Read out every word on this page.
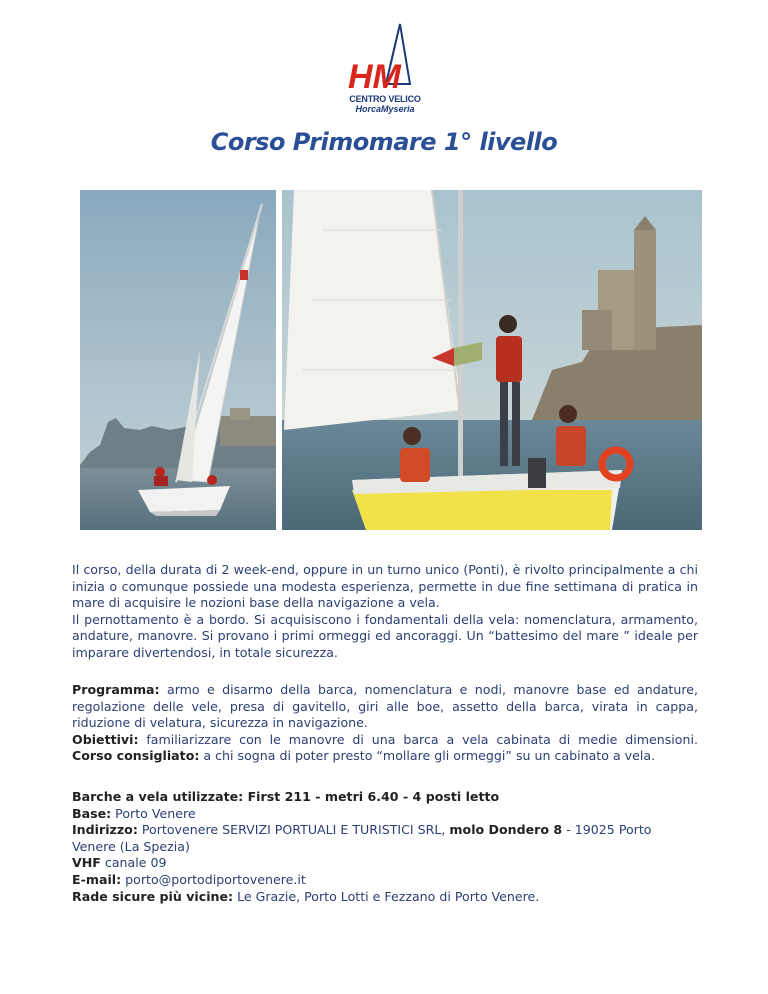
HM
CENTRO VELICO
HorcaMyseria
Corso Primomare 1° livello

Il corso, della durata di 2 week-end, oppure in un turno unico (Ponti), è rivolto principalmente a chi inizia o comunque possiede una modesta esperienza, permette in due fine settimana di pratica in mare di acquisire le nozioni base della navigazione a vela.

Il pernottamento è a bordo. Si acquisiscono i fondamentali della vela: nomenclatura, armamento, andature, manovre. Si provano i primi ormeggi ed ancoraggi. Un “battesimo del mare ” ideale per imparare divertendosi, in totale sicurezza.

Programma: armo e disarmo della barca, nomenclatura e nodi, manovre base ed andature, regolazione delle vele, presa di gavitello, giri alle boe, assetto della barca, virata in cappa, riduzione di velatura, sicurezza in navigazione.

Obiettivi: familiarizzare con le manovre di una barca a vela cabinata di medie dimensioni.

Corso consigliato: a chi sogna di poter presto “mollare gli ormeggi” su un cabinato a vela.

Barche a vela utilizzate: First 211 - metri 6.40 - 4 posti letto

Base: Porto Venere

Indirizzo: Portovenere SERVIZI PORTUALI E TURISTICI SRL, molo Dondero 8 - 19025 Porto Venere (La Spezia)

VHF canale 09

E-mail: porto@portodiportovenere.it

Rade sicure più vicine: Le Grazie, Porto Lotti e Fezzano di Porto Venere.
